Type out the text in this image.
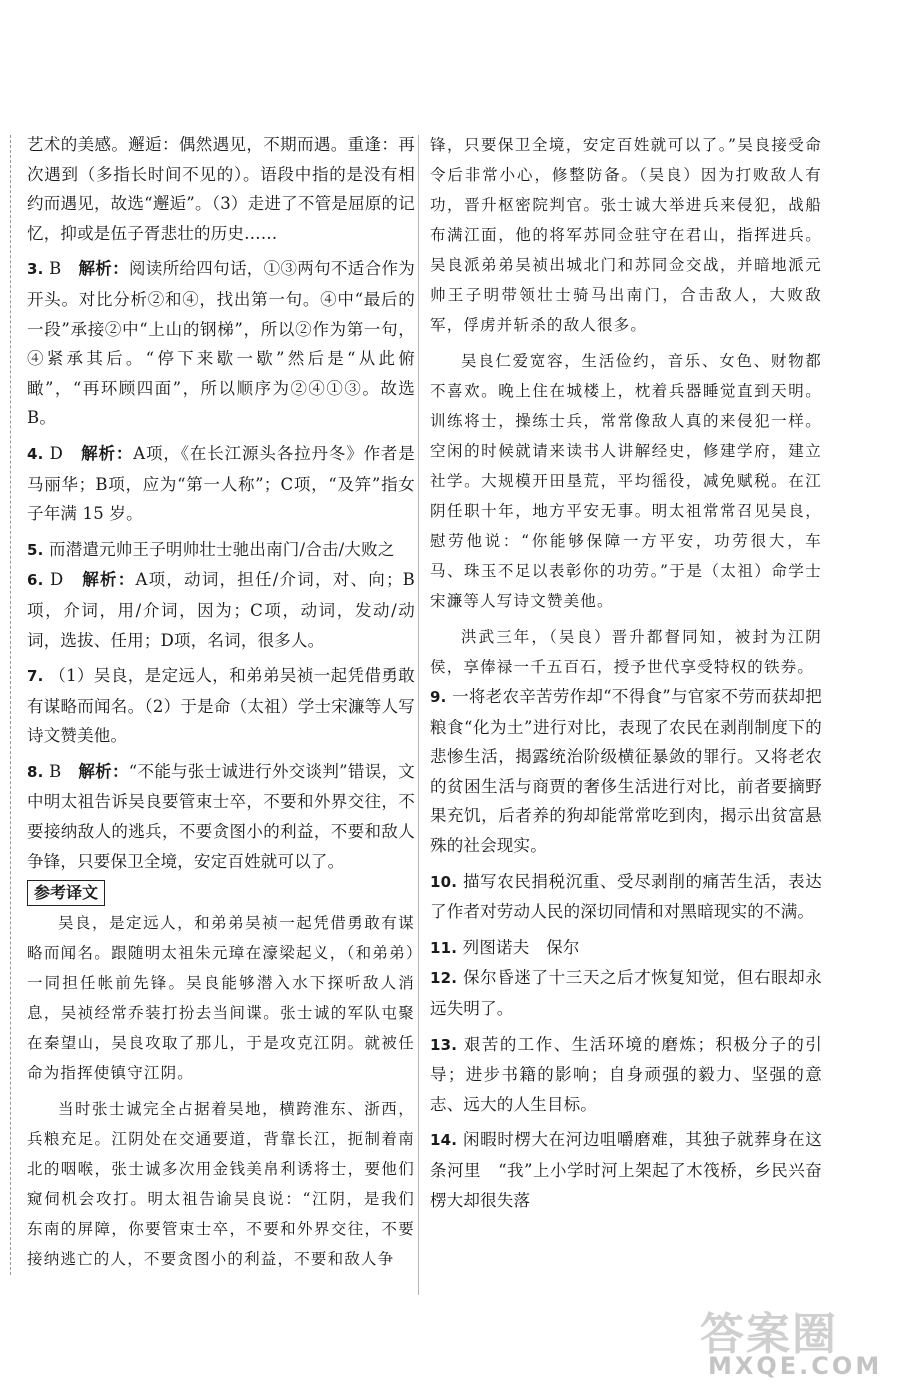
艺术的美感。邂逅：偶然遇见，不期而遇。重逢：再次遇到（多指长时间不见的）。语段中指的是没有相约而遇见，故选“邂逅”。（3）走进了不管是屈原的记忆，抑或是伍子胥悲壮的历史……

3. B　 解析：阅读所给四句话，①③两句不适合作为开头。对比分析②和④，找出第一句。④中“最后的一段”承接②中“上山的钢梯”，所以②作为第一句，④紧承其后。“停下来歇一歇”然后是“从此俯瞰”，“再环顾四面”，所以顺序为②④①③。故选 B。

4. D　 解析：A项，《在长江源头各拉丹冬》作者是马丽华；B项，应为“第一人称”；C项，“及笄”指女子年满 15 岁。

5. 而潜遣元帅王子明帅壮士驰出南门/合击/大败之

6. D　 解析：A项，动词，担任/介词，对、向；B项，介词，用/介词，因为；C项，动词，发动/动词，选拔、任用；D项，名词，很多人。

7. （1）吴良，是定远人，和弟弟吴祯一起凭借勇敢有谋略而闻名。（2）于是命（太祖）学士宋濂等人写诗文赞美他。

8. B　 解析：“不能与张士诚进行外交谈判”错误，文中明太祖告诉吴良要管束士卒，不要和外界交往，不要接纳敌人的逃兵，不要贪图小的利益，不要和敌人争锋，只要保卫全境，安定百姓就可以了。

参考译文

吴良，是定远人，和弟弟吴祯一起凭借勇敢有谋略而闻名。跟随明太祖朱元璋在濠梁起义，（和弟弟）一同担任帐前先锋。吴良能够潜入水下探听敌人消息，吴祯经常乔装打扮去当间谍。张士诚的军队屯聚在秦望山，吴良攻取了那儿，于是攻克江阴。就被任命为指挥使镇守江阴。

当时张士诚完全占据着吴地，横跨淮东、浙西，兵粮充足。江阴处在交通要道，背靠长江，扼制着南北的咽喉，张士诚多次用金钱美帛利诱将士，要他们窥伺机会攻打。明太祖告谕吴良说：“江阴，是我们东南的屏障，你要管束士卒，不要和外界交往，不要接纳逃亡的人，不要贪图小的利益，不要和敌人争

锋，只要保卫全境，安定百姓就可以了。”吴良接受命令后非常小心，修整防备。（吴良）因为打败敌人有功，晋升枢密院判官。张士诚大举进兵来侵犯，战船布满江面，他的将军苏同佥驻守在君山，指挥进兵。吴良派弟弟吴祯出城北门和苏同佥交战，并暗地派元帅王子明带领壮士骑马出南门，合击敌人，大败敌军，俘虏并斩杀的敌人很多。

吴良仁爱宽容，生活俭约，音乐、女色、财物都不喜欢。晚上住在城楼上，枕着兵器睡觉直到天明。训练将士，操练士兵，常常像敌人真的来侵犯一样。空闲的时候就请来读书人讲解经史，修建学府，建立社学。大规模开田垦荒，平均徭役，减免赋税。在江阴任职十年，地方平安无事。明太祖常常召见吴良，慰劳他说：“你能够保障一方平安，功劳很大，车马、珠玉不足以表彰你的功劳。”于是（太祖）命学士宋濂等人写诗文赞美他。

洪武三年，（吴良）晋升都督同知，被封为江阴侯，享俸禄一千五百石，授予世代享受特权的铁券。

9. 一将老农辛苦劳作却“不得食”与官家不劳而获却把粮食“化为土”进行对比，表现了农民在剥削制度下的悲惨生活，揭露统治阶级横征暴敛的罪行。又将老农的贫困生活与商贾的奢侈生活进行对比，前者要摘野果充饥，后者养的狗却能常常吃到肉，揭示出贫富悬殊的社会现实。

10. 描写农民捐税沉重、受尽剥削的痛苦生活，表达了作者对劳动人民的深切同情和对黑暗现实的不满。

11. 列图诺夫　保尔

12. 保尔昏迷了十三天之后才恢复知觉，但右眼却永远失明了。

13. 艰苦的工作、生活环境的磨炼；积极分子的引导；进步书籍的影响；自身顽强的毅力、坚强的意志、远大的人生目标。

14. 闲暇时楞大在河边咀嚼磨难，其独子就葬身在这条河里　“我”上小学时河上架起了木筏桥，乡民兴奋楞大却很失落

答案圈
MXQE.COM
